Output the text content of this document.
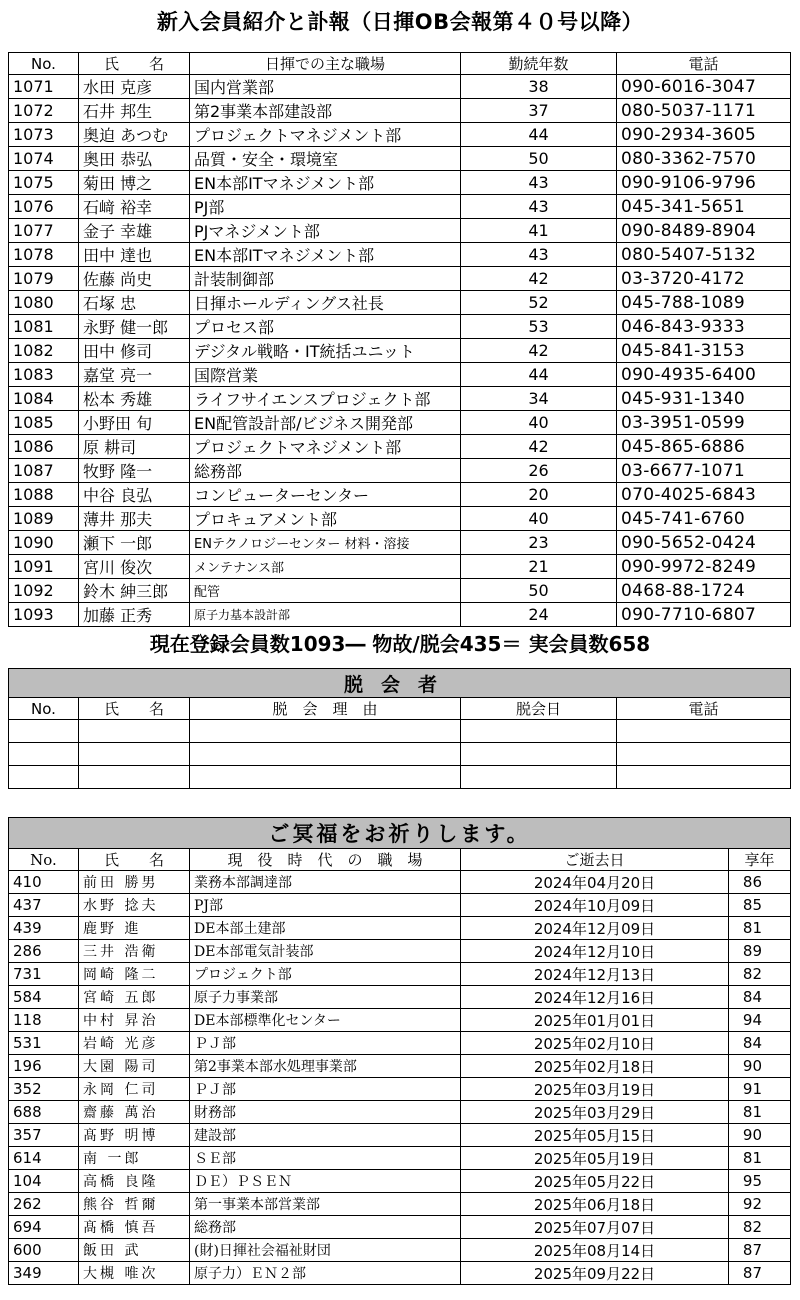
新入会員紹介と訃報（日揮OB会報第４０号以降）
No.	氏　　名	日揮での主な職場	勤続年数	電話
1071	水田 克彦	国内営業部	38	090-6016-3047
1072	石井 邦生	第2事業本部建設部	37	080-5037-1171
1073	奥迫 あつむ	プロジェクトマネジメント部	44	090-2934-3605
1074	奥田 恭弘	品質・安全・環境室	50	080-3362-7570
1075	菊田 博之	EN本部ITマネジメント部	43	090-9106-9796
1076	石﨑 裕幸	PJ部	43	045-341-5651
1077	金子 幸雄	PJマネジメント部	41	090-8489-8904
1078	田中 達也	EN本部ITマネジメント部	43	080-5407-5132
1079	佐藤 尚史	計装制御部	42	03-3720-4172
1080	石塚 忠	日揮ホールディングス社長	52	045-788-1089
1081	永野 健一郎	プロセス部	53	046-843-9333
1082	田中 修司	デジタル戦略・IT統括ユニット	42	045-841-3153
1083	嘉堂 亮一	国際営業	44	090-4935-6400
1084	松本 秀雄	ライフサイエンスプロジェクト部	34	045-931-1340
1085	小野田 旬	EN配管設計部/ビジネス開発部	40	03-3951-0599
1086	原 耕司	プロジェクトマネジメント部	42	045-865-6886
1087	牧野 隆一	総務部	26	03-6677-1071
1088	中谷 良弘	コンピューターセンター	20	070-4025-6843
1089	薄井 那夫	プロキュアメント部	40	045-741-6760
1090	瀬下 一郎	ENテクノロジーセンター 材料・溶接	23	090-5652-0424
1091	宮川 俊次	メンテナンス部	21	090-9972-8249
1092	鈴木 紳三郎	配管	50	0468-88-1724
1093	加藤 正秀	原子力基本設計部	24	090-7710-6807
現在登録会員数1093― 物故/脱会435＝ 実会員数658
脱会者				
No.	氏　　名	脱　会　理　由	脱会日	電話

ご冥福をお祈りします。				
No.	氏　　名	現　役　時　代　の　職　場	ご逝去日	享年
410	前田 勝男	業務本部調達部	2024年04月20日	86
437	水野 捻夫	PJ部	2024年10月09日	85
439	鹿野 進	DE本部土建部	2024年12月09日	81
286	三井 浩衛	DE本部電気計装部	2024年12月10日	89
731	岡崎 隆二	プロジェクト部	2024年12月13日	82
584	宮崎 五郎	原子力事業部	2024年12月16日	84
118	中村 昇治	DE本部標準化センター	2025年01月01日	94
531	岩崎 光彦	ＰＪ部	2025年02月10日	84
196	大園 陽司	第2事業本部水処理事業部	2025年02月18日	90
352	永岡 仁司	ＰＪ部	2025年03月19日	91
688	齋藤 萬治	財務部	2025年03月29日	81
357	髙野 明博	建設部	2025年05月15日	90
614	南 一郎	ＳＥ部	2025年05月19日	81
104	高橋 良隆	ＤＥ）ＰＳＥＮ	2025年05月22日	95
262	熊谷 哲爾	第一事業本部営業部	2025年06月18日	92
694	髙橋 慎吾	総務部	2025年07月07日	82
600	飯田 武	(財)日揮社会福祉財団	2025年08月14日	87
349	大槻 唯次	原子力）ＥＮ２部	2025年09月22日	87
